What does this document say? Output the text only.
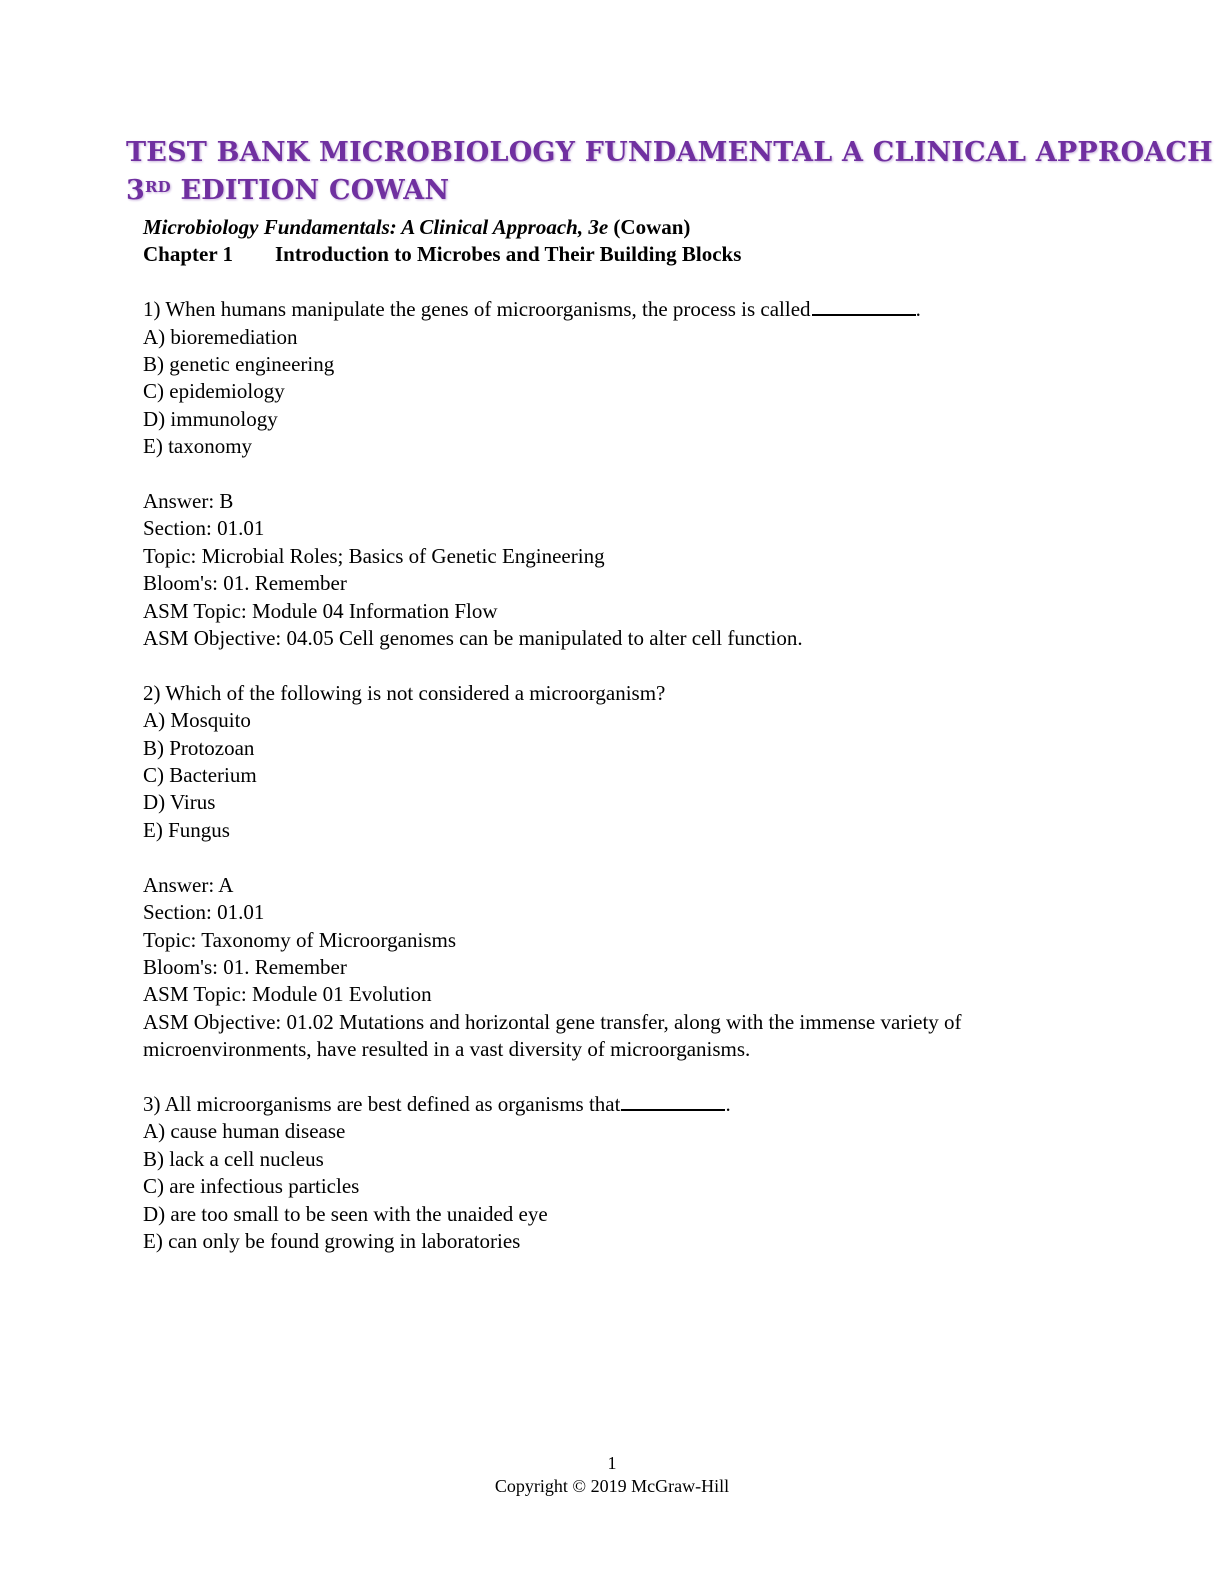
TEST BANK MICROBIOLOGY FUNDAMENTAL A CLINICAL APPROACH
3RD EDITION COWAN
Microbiology Fundamentals: A Clinical Approach, 3e (Cowan)
Chapter 1 Introduction to Microbes and Their Building Blocks
1) When humans manipulate the genes of microorganisms, the process is called	.
A) bioremediation
B) genetic engineering
C) epidemiology
D) immunology
E) taxonomy
Answer: B
Section: 01.01
Topic: Microbial Roles; Basics of Genetic Engineering
Bloom's: 01. Remember
ASM Topic: Module 04 Information Flow
ASM Objective: 04.05 Cell genomes can be manipulated to alter cell function.
2) Which of the following is not considered a microorganism?
A) Mosquito
B) Protozoan
C) Bacterium
D) Virus
E) Fungus
Answer: A
Section: 01.01
Topic: Taxonomy of Microorganisms
Bloom's: 01. Remember
ASM Topic: Module 01 Evolution
ASM Objective: 01.02 Mutations and horizontal gene transfer, along with the immense variety of microenvironments, have resulted in a vast diversity of microorganisms.
3) All microorganisms are best defined as organisms that	.
A) cause human disease
B) lack a cell nucleus
C) are infectious particles
D) are too small to be seen with the unaided eye
E) can only be found growing in laboratories
1
Copyright © 2019 McGraw-Hill
